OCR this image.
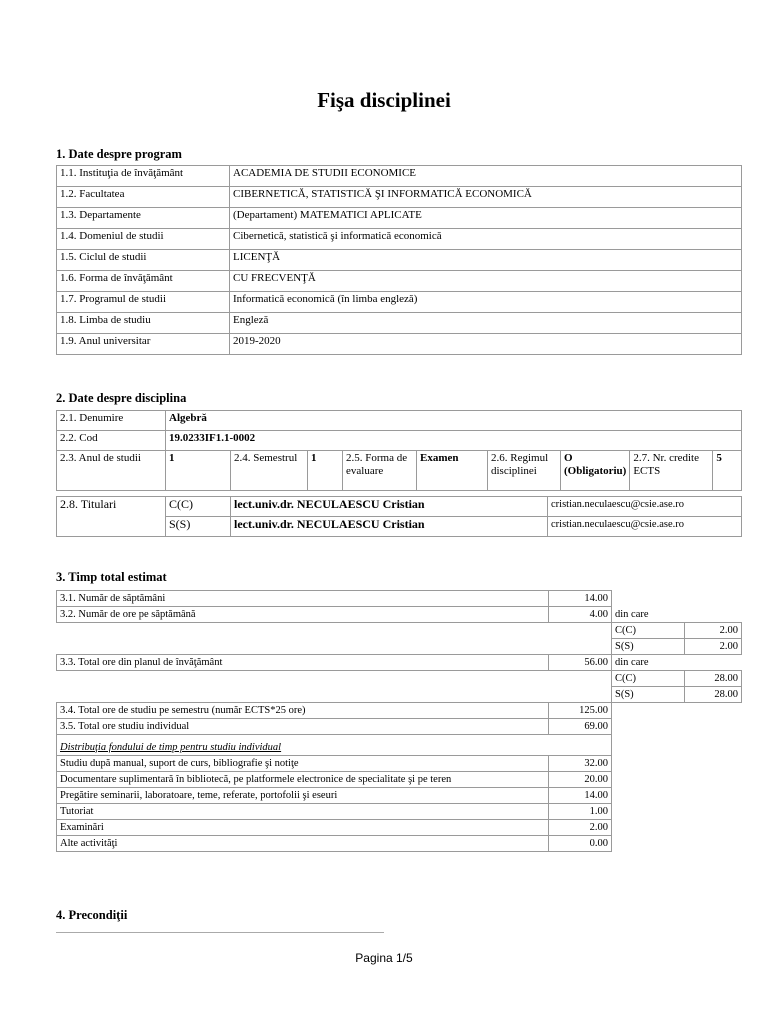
Fişa disciplinei
1. Date despre program
1.1. Instituţia de învăţământ	ACADEMIA DE STUDII ECONOMICE
1.2. Facultatea	CIBERNETICĂ, STATISTICĂ ŞI INFORMATICĂ ECONOMICĂ
1.3. Departamente	(Departament) MATEMATICI APLICATE
1.4. Domeniul de studii	Cibernetică, statistică şi informatică economică
1.5. Ciclul de studii	LICENŢĂ
1.6. Forma de învăţământ	CU FRECVENŢĂ
1.7. Programul de studii	Informatică economică (în limba engleză)
1.8. Limba de studiu	Engleză
1.9. Anul universitar	2019-2020
2. Date despre disciplina
2.1. Denumire	Algebră								
2.2. Cod	19.0233IF1.1-0002								
2.3. Anul de studii	1	2.4. Semestrul	1	2.5. Forma de evaluare	Examen	2.6. Regimul disciplinei	O (Obligatoriu)	2.7. Nr. credite ECTS	5
2.8. Titulari	C(C)	lect.univ.dr. NECULAESCU Cristian	cristian.neculaescu@csie.ase.ro
	S(S)	lect.univ.dr. NECULAESCU Cristian	cristian.neculaescu@csie.ase.ro
3. Timp total estimat
3.1. Număr de săptămâni	14.00		
3.2. Număr de ore pe săptămână	4.00	din care	
		C(C)	2.00
		S(S)	2.00
3.3. Total ore din planul de învăţământ	56.00	din care	
		C(C)	28.00
		S(S)	28.00
3.4. Total ore de studiu pe semestru (număr ECTS*25 ore)	125.00		
3.5. Total ore studiu individual	69.00		
Distribuţia fondului de timp pentru studiu individual			
Studiu după manual, suport de curs, bibliografie şi notiţe	32.00		
Documentare suplimentară în bibliotecă, pe platformele electronice de specialitate şi pe teren	20.00		
Pregătire seminarii, laboratoare, teme, referate, portofolii şi eseuri	14.00		
Tutoriat	1.00		
Examinări	2.00		
Alte activităţi	0.00		
4. Precondiţii
Pagina 1/5
